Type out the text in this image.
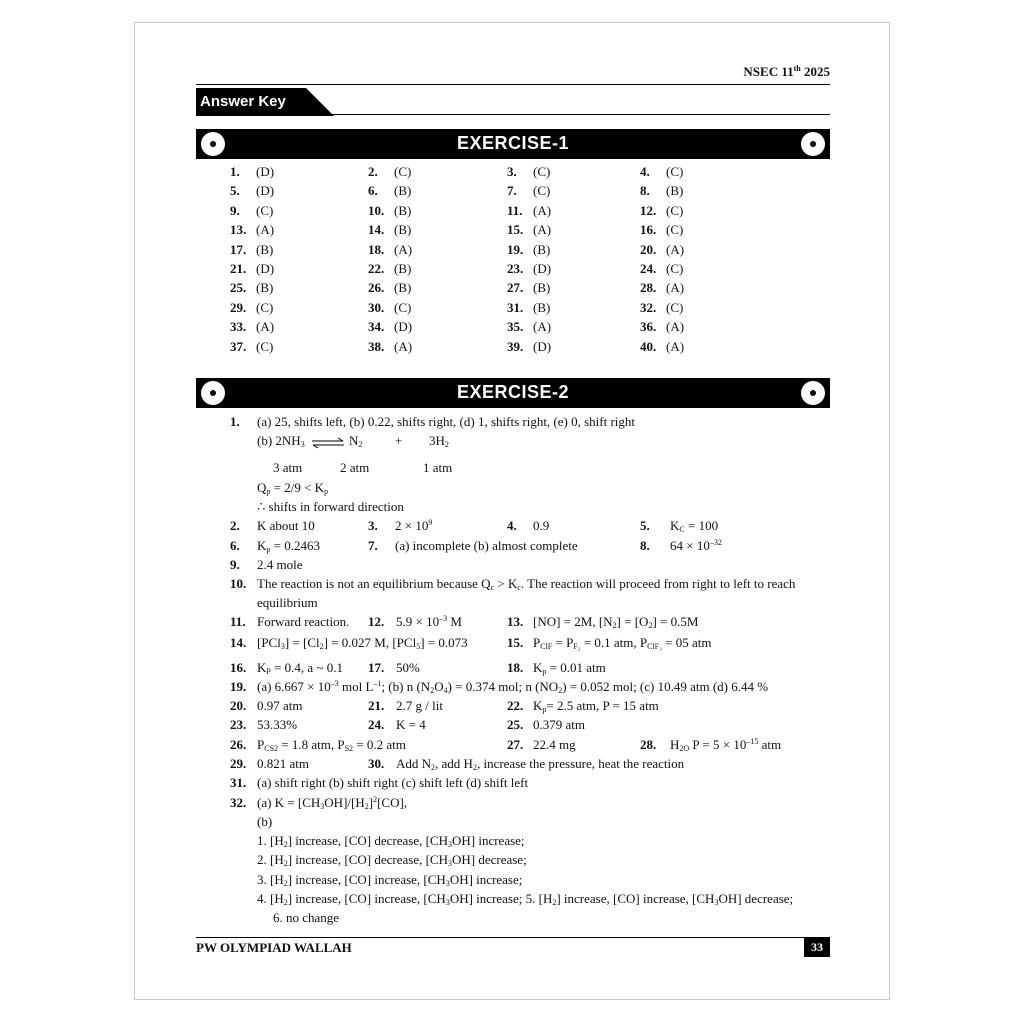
NSEC 11th 2025
Answer Key
EXERCISE-1
1. (D)	2. (C)	3. (C)	4. (C)
5. (D)	6. (B)	7. (C)	8. (B)
9. (C)	10. (B)	11. (A)	12. (C)
13. (A)	14. (B)	15. (A)	16. (C)
17. (B)	18. (A)	19. (B)	20. (A)
21. (D)	22. (B)	23. (D)	24. (C)
25. (B)	26. (B)	27. (B)	28. (A)
29. (C)	30. (C)	31. (B)	32. (C)
33. (A)	34. (D)	35. (A)	36. (A)
37. (C)	38. (A)	39. (D)	40. (A)
EXERCISE-2
1. (a) 25, shifts left, (b) 0.22, shifts right, (d) 1, shifts right, (e) 0, shift right
(b) $2NH_3$ ⇌ $N_2$	+ $3H_2$
3 atm	2 atm	1 atm
$Q_p = 2/9 < K_p$
∴ shifts in forward direction
2. K about 10	3. $2 \times 10^9$	4. 0.9	5. $K_C = 100$
6. $K_p = 0.2463$	7. (a) incomplete (b) almost complete	8. $64 \times 10^{-32}$
9. 2.4 mole
10. The reaction is not an equilibrium because $Q_c > K_c$. The reaction will proceed from right to left to reach
equilibrium
11. Forward reaction. 12. $5.9 \times 10^{-3}$ M	13. [NO] = 2M, $[N_2] = [O_2] = 0.5M$
14. $[PCl_3] = [Cl_2] = 0.027$ M, [PCl$_5$] = 0.073	15. $P_{ClF} = P_{F_2} = 0.1$ atm, $P_{ClF_3} = 05$ atm
16. $K_P = 0.4$, a ~ 0.1 17. 50%	18. $K_p = 0.01$ atm
19. (a) $6.667 \times 10^{-3}$ mol $L^{-1}$; (b) n $(N_2O_4) = 0.374$ mol; n $(NO_2) = 0.052$ mol; (c) 10.49 atm (d) 6.44 %
20. 0.97 atm	21. 2.7 g / lit	22. $K_p= 2.5$ atm, P = 15 atm
23. 53.33%	24. K = 4	25. 0.379 atm
26. $P_{CS2} = 1.8$ atm, $P_{S2} = 0.2$ atm	27. 22.4 mg	28. $H_{2O}$ $P = 5 \times 10^{-15}$ atm
29. 0.821 atm	30. Add $N_2$, add $H_2$, increase the pressure, heat the reaction
31. (a) shift right (b) shift right (c) shift left (d) shift left
32. (a) $K = [CH_3OH]/[H_2]^2[CO]$,
(b)
1. $[H_2]$ increase, [CO] decrease, $[CH_3OH]$ increase;
2. $[H_2]$ increase, [CO] decrease, $[CH_3OH]$ decrease;
3. $[H_2]$ increase, [CO] increase, $[CH_3OH]$ increase;
4. $[H_2]$ increase, [CO] increase, $[CH_3OH]$ increase; 5. $[H_2]$ increase, [CO] increase, $[CH_3OH]$ decrease;
6. no change
PW OLYMPIAD WALLAH	33
